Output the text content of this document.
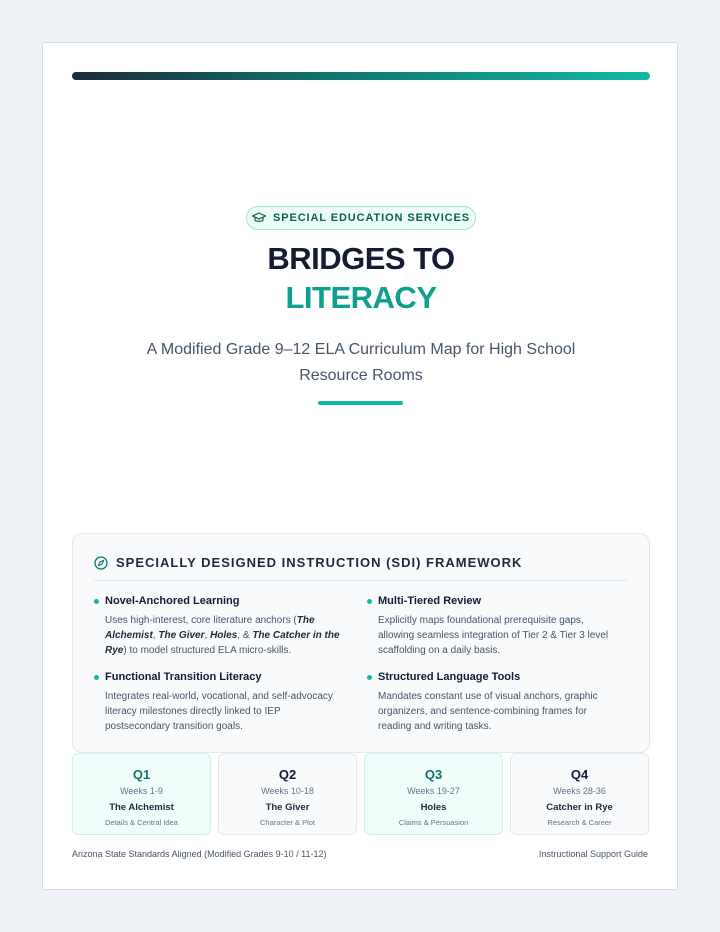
SPECIAL EDUCATION SERVICES
BRIDGES TO
LITERACY
A Modified Grade 9–12 ELA Curriculum Map for High School Resource Rooms
SPECIALLY DESIGNED INSTRUCTION (SDI) FRAMEWORK
Novel-Anchored Learning
Uses high-interest, core literature anchors (The Alchemist, The Giver, Holes, & The Catcher in the Rye) to model structured ELA micro-skills.
Multi-Tiered Review
Explicitly maps foundational prerequisite gaps, allowing seamless integration of Tier 2 & Tier 3 level scaffolding on a daily basis.
Functional Transition Literacy
Integrates real-world, vocational, and self-advocacy literacy milestones directly linked to IEP postsecondary transition goals.
Structured Language Tools
Mandates constant use of visual anchors, graphic organizers, and sentence-combining frames for reading and writing tasks.
Q1
Weeks 1-9
The Alchemist
Details & Central Idea
Q2
Weeks 10-18
The Giver
Character & Plot
Q3
Weeks 19-27
Holes
Claims & Persuasion
Q4
Weeks 28-36
Catcher in Rye
Research & Career
Arizona State Standards Aligned (Modified Grades 9-10 / 11-12)	Instructional Support Guide
